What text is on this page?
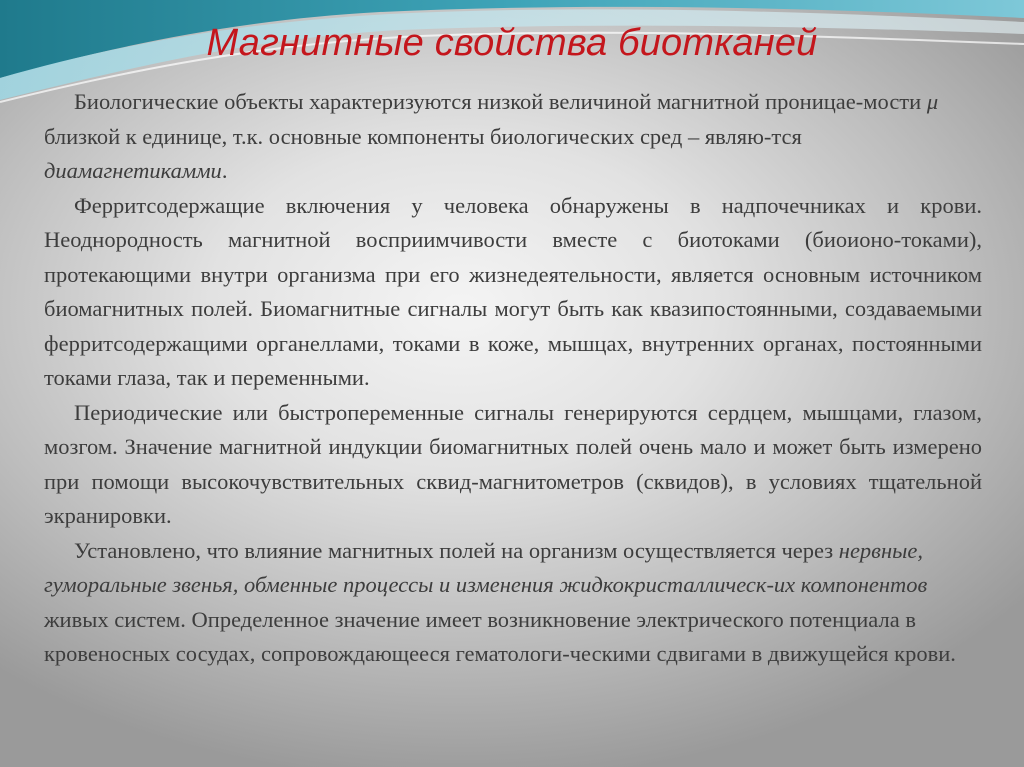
Магнитные свойства биотканей

Биологические объекты характеризуются низкой величиной магнитной проницае-мости μ близкой к единице, т.к. основные компоненты биологических сред – являю-тся диамагнетикамми.

Ферритсодержащие включения у человека обнаружены в надпочечниках и крови. Неоднородность магнитной восприимчивости вместе с биотоками (биоионо-токами), протекающими внутри организма при его жизнедеятельности, является основным источником биомагнитных полей. Биомагнитные сигналы могут быть как квазипостоянными, создаваемыми ферритсодержащими органеллами, токами в коже, мышцах, внутренних органах, постоянными токами глаза, так и переменными.

Периодические или быстропеременные сигналы генерируются сердцем, мышцами, глазом, мозгом. Значение магнитной индукции биомагнитных полей очень мало и может быть измерено при помощи высокочувствительных сквид-магнитометров (сквидов), в условиях тщательной экранировки.

Установлено, что влияние магнитных полей на организм осуществляется через нервные, гуморальные звенья, обменные процессы и изменения жидкокристаллическ-их компонентов живых систем. Определенное значение имеет возникновение электрического потенциала в кровеносных сосудах, сопровождающееся гематологи-ческими сдвигами в движущейся крови.
